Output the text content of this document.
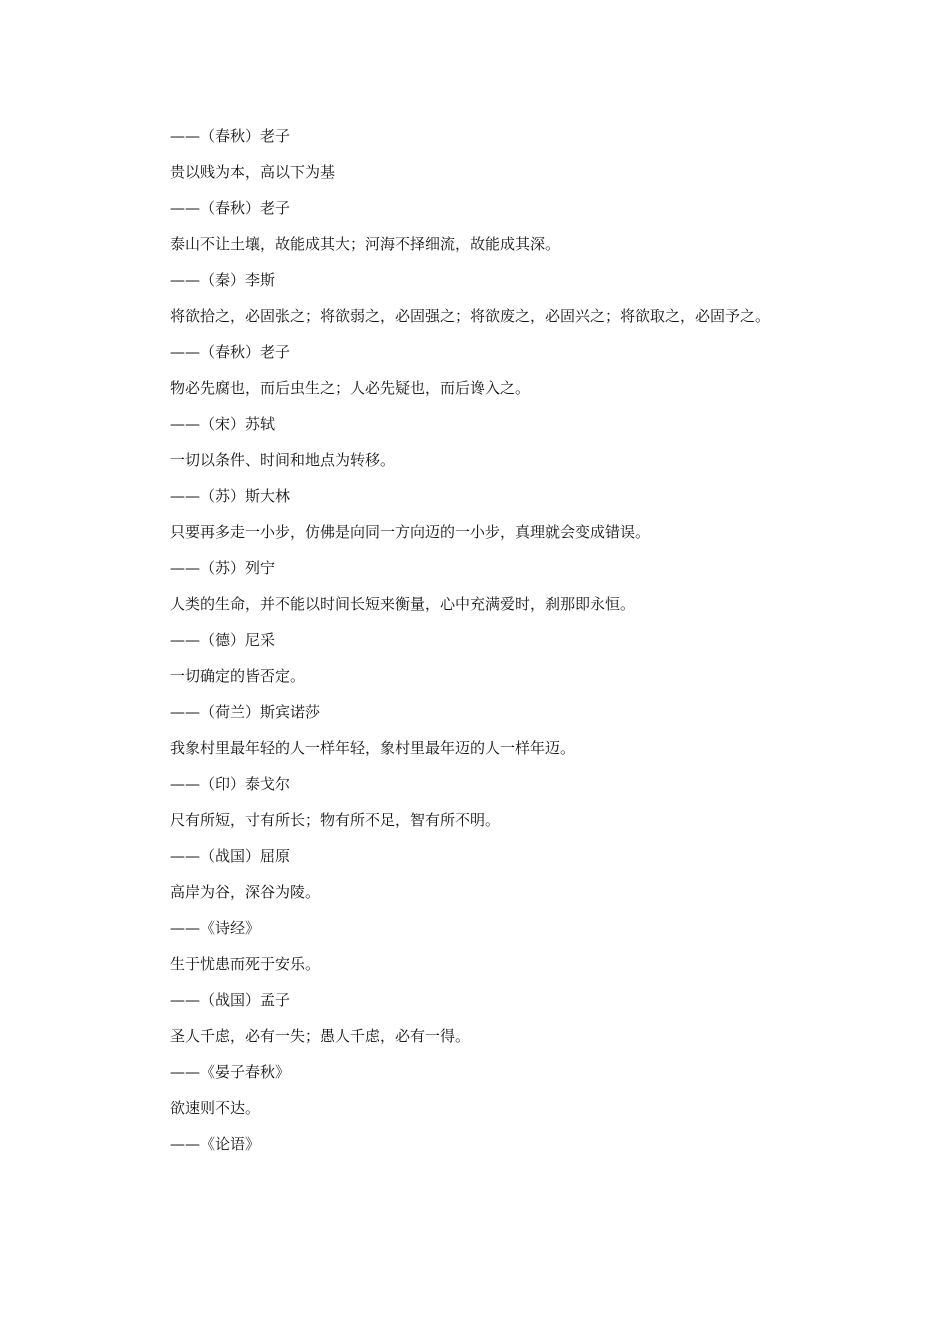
——（春秋）老子

贵以贱为本，高以下为基

——（春秋）老子

泰山不让土壤，故能成其大；河海不择细流，故能成其深。

——（秦）李斯

将欲拾之，必固张之；将欲弱之，必固强之；将欲废之，必固兴之；将欲取之，必固予之。

——（春秋）老子

物必先腐也，而后虫生之；人必先疑也，而后谗入之。

——（宋）苏轼

一切以条件、时间和地点为转移。

——（苏）斯大林

只要再多走一小步，仿佛是向同一方向迈的一小步，真理就会变成错误。

——（苏）列宁

人类的生命，并不能以时间长短来衡量，心中充满爱时，刹那即永恒。

——（德）尼采

一切确定的皆否定。

——（荷兰）斯宾诺莎

我象村里最年轻的人一样年轻，象村里最年迈的人一样年迈。

——（印）泰戈尔

尺有所短，寸有所长；物有所不足，智有所不明。

——（战国）屈原

高岸为谷，深谷为陵。

——《诗经》

生于忧患而死于安乐。

——（战国）孟子

圣人千虑，必有一失；愚人千虑，必有一得。

——《晏子春秋》

欲速则不达。

——《论语》
